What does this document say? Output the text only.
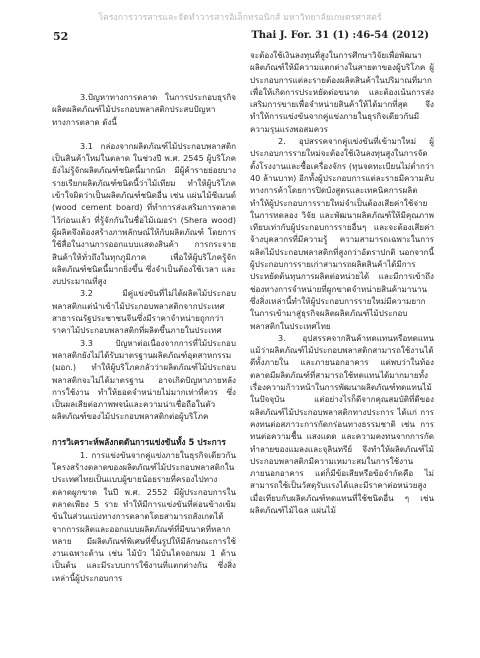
โครงการวารสารและจัดทำวารสารอิเล็กทรอนิกส์ มหาวิทยาลัยเกษตรศาสตร์
52	Thai J. For. 31 (1) :46-54 (2012)

3.ปัญหาทางการตลาด ในการประกอบธุรกิจผลิตผลิตภัณฑ์ไม้ประกอบพลาสติกประสบปัญหาทางการตลาด ดังนี้

3.1 กล่องจากผลิตภัณฑ์ไม้ประกอบพลาสติกเป็นสินค้าใหม่ในตลาด ในช่วงปี พ.ศ. 2545 ผู้บริโภคยังไม่รู้จักผลิตภัณฑ์ชนิดนี้มากนัก มีผู้ค้ารายย่อยบางรายเรียกผลิตภัณฑ์ชนิดนี้ว่าไม้เทียม ทำให้ผู้บริโภคเข้าใจผิดว่าเป็นผลิตภัณฑ์ชนิดอื่น เช่น แผ่นไม้ซีเมนต์ (wood cement board) ที่ทำการส่งเสริมการตลาดไว้ก่อนแล้ว ที่รู้จักกันในชื่อไม้เฌอร่า (Shera wood) ผู้ผลิตจึงต้องสร้างภาพลักษณ์ให้กับผลิตภัณฑ์ โดยการใช้สื่อในงานการออกแบบแสดงสินค้า การกระจายสินค้าให้ทั่วถึงในทุกภูมิภาค เพื่อให้ผู้บริโภครู้จักผลิตภัณฑ์ชนิดนี้มากยิ่งขึ้น ซึ่งจำเป็นต้องใช้เวลา และงบประมาณที่สูง

3.2 มีคู่แข่งขันที่ไม่ได้ผลิตไม้ประกอบพลาสติกแต่นำเข้าไม้ประกอบพลาสติกจากประเทศสาธารณรัฐประชาชนจีนซึ่งมีราคาจำหน่ายถูกกว่าราคาไม้ประกอบพลาสติกที่ผลิตขึ้นภายในประเทศ

3.3 ปัญหาต่อเนื่องจากการที่ไม้ประกอบพลาสติกยังไม่ได้รับมาตรฐานผลิตภัณฑ์อุตสาหกรรม (มอก.) ทำให้ผู้บริโภคกลัวว่าผลิตภัณฑ์ไม้ประกอบพลาสติกจะไม่ได้มาตรฐาน อาจเกิดปัญหาภายหลังการใช้งาน ทำให้ยอดจำหน่ายไม่มากเท่าที่ควร ซึ่งเป็นผลเสียต่อภาพพจน์และความน่าเชื่อถือในตัวผลิตภัณฑ์ของไม้ประกอบพลาสติกต่อผู้บริโภค

การวิเคราะห์พลังกดดันการแข่งขันทั้ง 5 ประการ

1. การแข่งขันจากคู่แข่งภายในธุรกิจเดียวกันโครงสร้างตลาดของผลิตภัณฑ์ไม้ประกอบพลาสติกในประเทศไทยเป็นแบบผู้ขายน้อยรายที่ครองไปทางตลาดผูกขาด ในปี พ.ศ. 2552 มีผู้ประกอบการในตลาดเพียง 5 ราย ทำให้มีการแข่งขันที่ค่อนข้างเข้มข้นในส่วนแบ่งทางการตลาดโดยสามารถสังเกตได้จากการผลิตและออกแบบผลิตภัณฑ์ที่มีขนาดที่หลากหลาย มีผลิตภัณฑ์พิเศษที่ขึ้นรูปให้มีลักษณะการใช้งานเฉพาะด้าน เช่น ไม้บัว ไม้บันไดจอกมม 1 ด้าน เป็นต้น และมีระบบการใช้งานที่แตกต่างกัน ซึ่งสิ่งเหล่านี้ผู้ประกอบการ

จะต้องใช้เงินลงทุนที่สูงในการศึกษาวิจัยเพื่อพัฒนาผลิตภัณฑ์ให้มีความแตกต่างในสายตาของผู้บริโภค ผู้ประกอบการแต่ละรายต้องผลิตสินค้าในปริมาณที่มากเพื่อให้เกิดการประหยัดต่อขนาด และต้องเน้นการส่งเสริมการขายเพื่อจำหน่ายสินค้าให้ได้มากที่สุด จึงทำให้การแข่งขันจากคู่แข่งภายในธุรกิจเดียวกันมีความรุนแรงพอสมควร

2. อุปสรรคจากคู่แข่งขันที่เข้ามาใหม่ ผู้ประกอบการรายใหม่จะต้องใช้เงินลงทุนสูงในการจัดตั้งโรงงานและซื้อเครื่องจักร (ทุนจดทะเบียนไม่ต่ำกว่า 40 ล้านบาท) อีกทั้งผู้ประกอบการแต่ละรายมีความลับทางการค้าโดยการปิดบังสูตรและเทคนิคการผลิตทำให้ผู้ประกอบการรายใหม่จำเป็นต้องเสียค่าใช้จ่ายในการทดลอง วิจัย และพัฒนาผลิตภัณฑ์ให้มีคุณภาพเทียบเท่ากับผู้ประกอบการรายอื่นๆ และจะต้องเสียค่าจ้างบุคลากรที่มีความรู้ ความสามารถเฉพาะในการผลิตไม้ประกอบพลาสติกที่สูงกว่าอัตราปกติ นอกจากนี้ผู้ประกอบการรายเก่าสามารถผลิตสินค้าได้มีการประหยัดต้นทุนการผลิตต่อหน่วยได้ และมีการเข้าถึงช่องทางการจำหน่ายที่ผูกขาดจำหน่ายสินค้ามานาน ซึ่งสิ่งเหล่านี้ทำให้ผู้ประกอบการรายใหม่มีความยากในการเข้ามาสู่ธุรกิจผลิตผลิตภัณฑ์ไม้ประกอบพลาสติกในประเทศไทย

3. อุปสรรคจากสินค้าทดแทนหรือทดแทน แม้ว่าผลิตภัณฑ์ไม้ประกอบพลาสติกสามารถใช้งานได้ดีทั้งภายใน และภายนอกอาคาร แต่พบว่าในท้องตลาดมีผลิตภัณฑ์ที่สามารถใช้ทดแทนได้มากมายทั้งเรื่องความก้าวหน้าในการพัฒนาผลิตภัณฑ์ทดแทนไม้ในปัจจุบัน แต่อย่างไรก็ดีจากคุณสมบัติที่ดีของผลิตภัณฑ์ไม้ประกอบพลาสติกทางประการ ได้แก่ การคงทนต่อสภาวะการกัดกร่อนทางธรรมชาติ เช่น การทนต่อความชื้น แสงแดด และความคงทนจากการกัดทำลายของแมลงและจุลินทรีย์ จึงทำให้ผลิตภัณฑ์ไม้ประกอบพลาสติกมีความเหมาะสมในการใช้งานภายนอกอาคาร แต่ก็มีข้อเสียหรือข้อจำกัดคือ ไม่สามารถใช้เป็นวัสดุรับแรงได้และมีราคาต่อหน่วยสูงเมื่อเทียบกับผลิตภัณฑ์ทดแทนที่ใช้ชนิดอื่น ๆ เช่น ผลิตภัณฑ์ไม้ไฉล แผ่นไม้
